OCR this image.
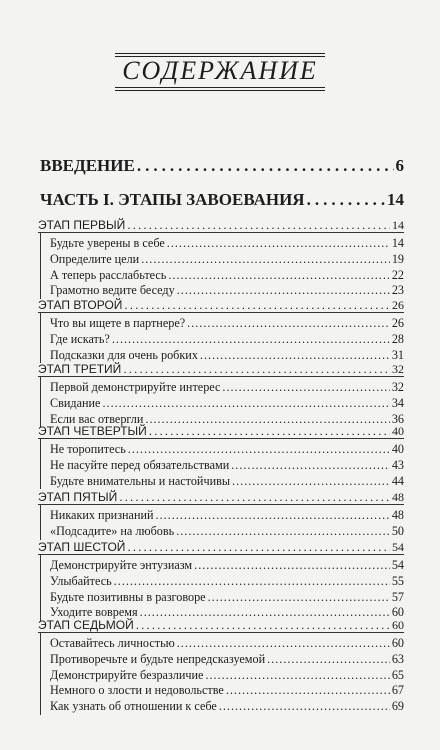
СОДЕРЖАНИЕ
ВВЕДЕНИЕ .....	6
ЧАСТЬ I. ЭТАПЫ ЗАВОЕВАНИЯ .....	14
ЭТАП ПЕРВЫЙ .....	14
Будьте уверены в себе .....	14
Определите цели .....	19
А теперь расслабьтесь .....	22
Грамотно ведите беседу .....	23
ЭТАП ВТОРОЙ .....	26
Что вы ищете в партнере? .....	26
Где искать? .....	28
Подсказки для очень робких .....	31
ЭТАП ТРЕТИЙ .....	32
Первой демонстрируйте интерес .....	32
Свидание .....	34
Если вас отвергли .....	36
ЭТАП ЧЕТВЕРТЫЙ .....	40
Не торопитесь .....	40
Не пасуйте перед обязательствами .....	43
Будьте внимательны и настойчивы .....	44
ЭТАП ПЯТЫЙ .....	48
Никаких признаний .....	48
«Подсадите» на любовь .....	50
ЭТАП ШЕСТОЙ .....	54
Демонстрируйте энтузиазм .....	54
Улыбайтесь .....	55
Будьте позитивны в разговоре .....	57
Уходите вовремя .....	60
ЭТАП СЕДЬМОЙ .....	60
Оставайтесь личностью .....	60
Противоречьте и будьте непредсказуемой .....	63
Демонстрируйте безразличие .....	65
Немного о злости и недовольстве .....	67
Как узнать об отношении к себе .....	69
